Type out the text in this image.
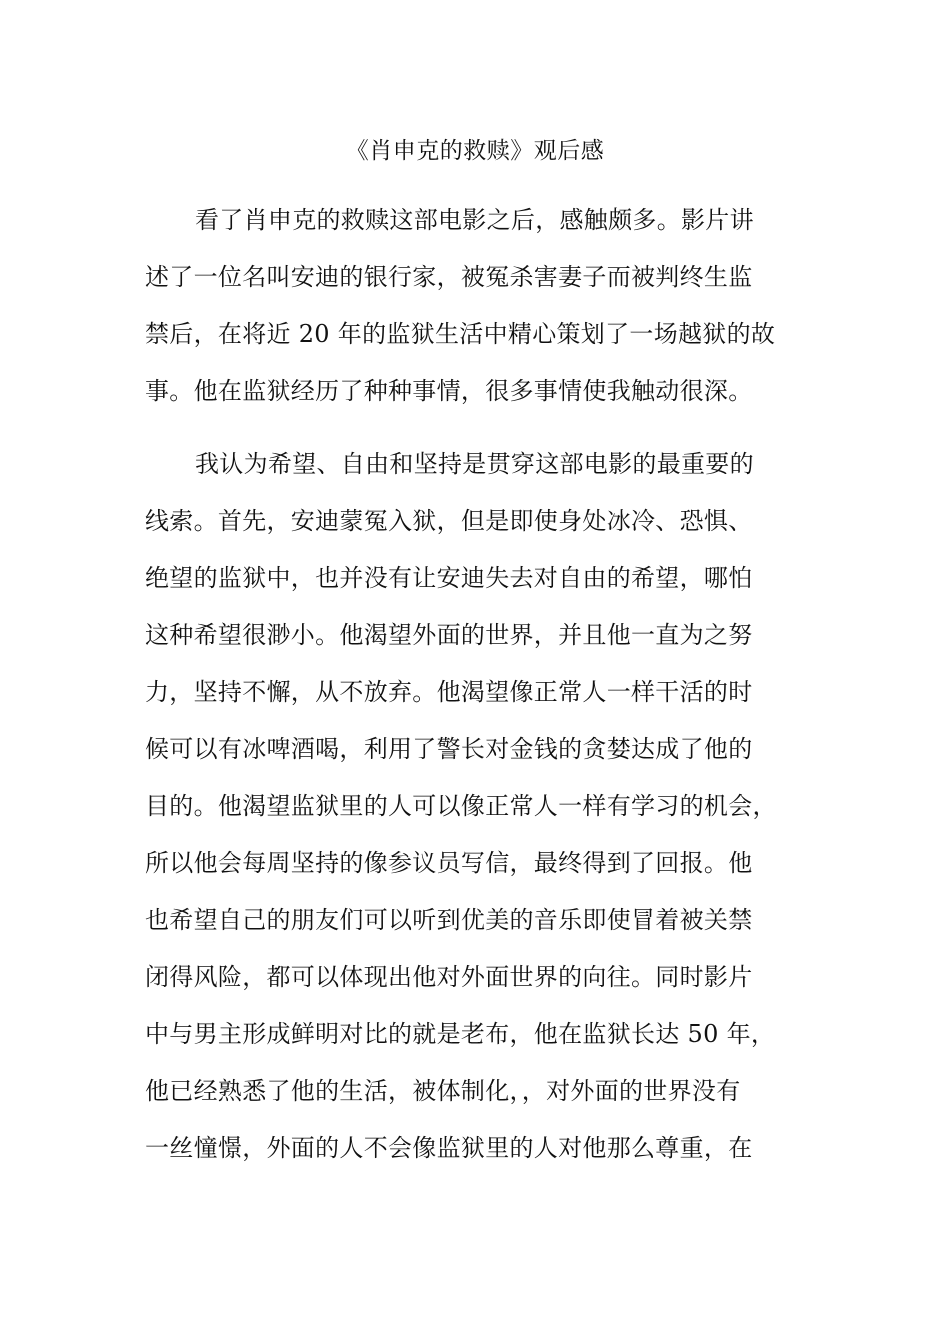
《肖申克的救赎》观后感
看了肖申克的救赎这部电影之后，感触颇多。影片讲
述了一位名叫安迪的银行家，被冤杀害妻子而被判终生监
禁后，在将近 20 年的监狱生活中精心策划了一场越狱的故
事。他在监狱经历了种种事情，很多事情使我触动很深。
我认为希望、自由和坚持是贯穿这部电影的最重要的
线索。首先，安迪蒙冤入狱，但是即使身处冰冷、恐惧、
绝望的监狱中，也并没有让安迪失去对自由的希望，哪怕
这种希望很渺小。他渴望外面的世界，并且他一直为之努
力，坚持不懈，从不放弃。他渴望像正常人一样干活的时
候可以有冰啤酒喝，利用了警长对金钱的贪婪达成了他的
目的。他渴望监狱里的人可以像正常人一样有学习的机会，
所以他会每周坚持的像参议员写信，最终得到了回报。他
也希望自己的朋友们可以听到优美的音乐即使冒着被关禁
闭得风险，都可以体现出他对外面世界的向往。同时影片
中与男主形成鲜明对比的就是老布，他在监狱长达 50 年，
他已经熟悉了他的生活，被体制化，，对外面的世界没有
一丝憧憬，外面的人不会像监狱里的人对他那么尊重，在
